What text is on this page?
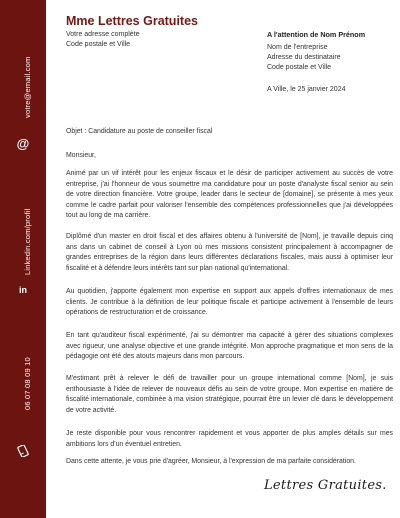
@
votre@email.com
in
Linkedin.com/profil
06 07 08 09 10
Mme Lettres Gratuites
Votre adresse complète
Code postale et Ville
A l'attention de Nom Prénom
Nom de l'entreprise
Adresse du destinataire
Code postale et Ville
A Ville, le 25 janvier 2024
Objet : Candidature au poste de conseiller fiscal
Monsieur,
Animé par un vif intérêt pour les enjeux fiscaux et le désir de participer activement au succès de votre entreprise, j'ai l'honneur de vous soumettre ma candidature pour un poste d'analyste fiscal senior au sein de votre direction financière. Votre groupe, leader dans le secteur de [domaine], se présente à mes yeux comme le cadre parfait pour valoriser l'ensemble des compétences professionnelles que j'ai développées tout au long de ma carrière.
Diplômé d'un master en droit fiscal et des affaires obtenu à l'université de [Nom], je travaille depuis cinq ans dans un cabinet de conseil à Lyon où mes missions consistent principalement à accompagner de grandes entreprises de la région dans leurs différentes déclarations fiscales, mais aussi à optimiser leur fiscalité et à défendre leurs intérêts tant sur plan national qu'international.
Au quotidien, j'apporte également mon expertise en support aux appels d'offres internationaux de mes clients. Je contribue à la définition de leur politique fiscale et participe activement à l'ensemble de leurs opérations de restructuration et de croissance.
En tant qu'auditeur fiscal expérimenté, j'ai su démontrer ma capacité à gérer des situations complexes avec rigueur, une analyse objective et une grande intégrité. Mon approche pragmatique et mon sens de la pédagogie ont été des atouts majeurs dans mon parcours.
M'estimant prêt à relever le défi de travailler pour un groupe international comme [Nom], je suis enthousiaste à l'idée de relever de nouveaux défis au sein de votre groupe. Mon expertise en matière de fiscalité internationale, combinée à ma vision stratégique, pourrait être un levier clé dans le développement de votre activité.
Je reste disponible pour vous rencontrer rapidement et vous apporter de plus amples détails sur mes ambitions lors d'un éventuel entretien.
Dans cette attente, je vous prie d'agréer, Monsieur, à l'expression de ma parfaite considération.
Lettres Gratuites.
